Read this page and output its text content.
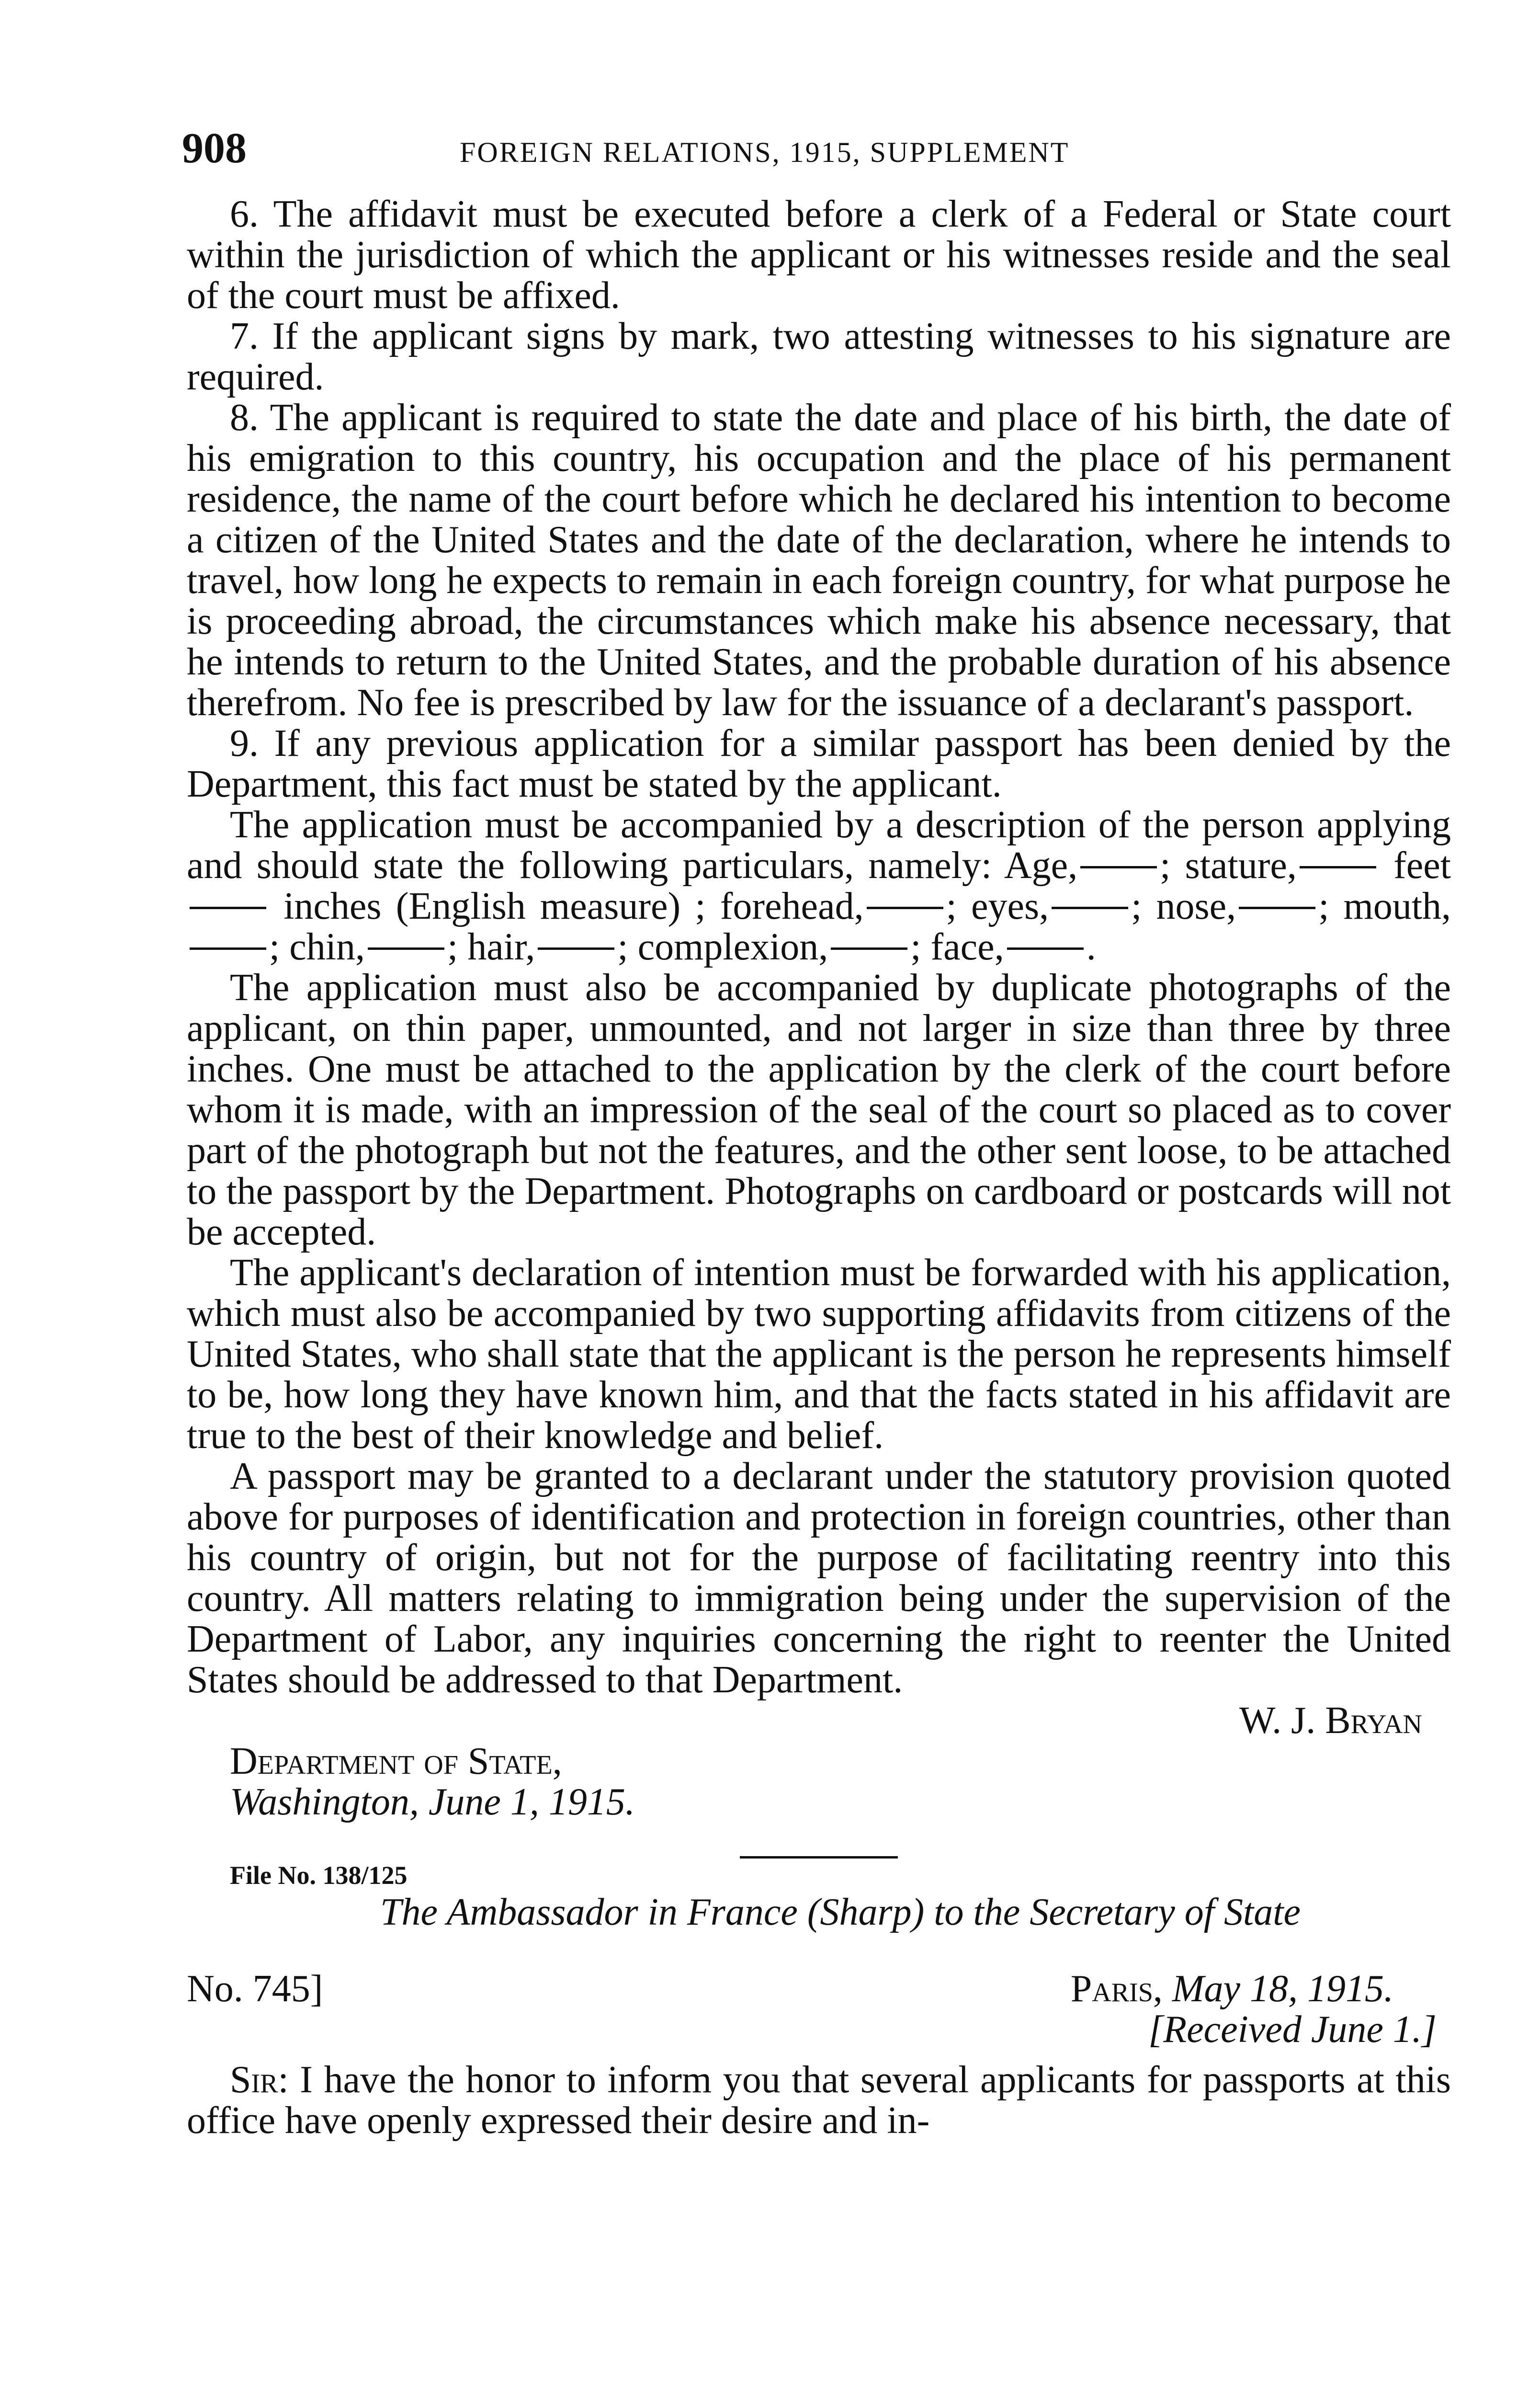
908	FOREIGN RELATIONS, 1915, SUPPLEMENT

6. The affidavit must be executed before a clerk of a Federal or State court within the jurisdiction of which the applicant or his witnesses reside and the seal of the court must be affixed.

7. If the applicant signs by mark, two attesting witnesses to his signature are required.

8. The applicant is required to state the date and place of his birth, the date of his emigration to this country, his occupation and the place of his permanent residence, the name of the court before which he declared his intention to become a citizen of the United States and the date of the declaration, where he intends to travel, how long he expects to remain in each foreign country, for what purpose he is proceeding abroad, the circumstances which make his absence necessary, that he intends to return to the United States, and the probable duration of his absence therefrom. No fee is prescribed by law for the issuance of a declarant's passport.

9. If any previous application for a similar passport has been denied by the Department, this fact must be stated by the applicant.

The application must be accompanied by a description of the person applying and should state the following particulars, namely: Age, ; stature,	feet inches (English measure) ; forehead, ; eyes, ; nose, ; mouth,; chin, ; hair, ; complexion, ; face, .

The application must also be accompanied by duplicate photographs of the applicant, on thin paper, unmounted, and not larger in size than three by three inches. One must be attached to the application by the clerk of the court before whom it is made, with an impression of the seal of the court so placed as to cover part of the photograph but not the features, and the other sent loose, to be attached to the passport by the Department. Photographs on cardboard or postcards will not be accepted.

The applicant's declaration of intention must be forwarded with his application, which must also be accompanied by two supporting affidavits from citizens of the United States, who shall state that the applicant is the person he represents himself to be, how long they have known him, and that the facts stated in his affidavit are true to the best of their knowledge and belief.

A passport may be granted to a declarant under the statutory provision quoted above for purposes of identification and protection in foreign countries, other than his country of origin, but not for the purpose of facilitating reentry into this country. All matters relating to immigration being under the supervision of the Department of Labor, any inquiries concerning the right to reenter the United States should be addressed to that Department.

W. J. Bryan

Department of State,

Washington, June 1, 1915.

File No. 138/125

The Ambassador in France (Sharp) to the Secretary of State

No. 745]	Paris, May 18, 1915.
[Received June 1.]

Sir: I have the honor to inform you that several applicants for passports at this office have openly expressed their desire and in-
